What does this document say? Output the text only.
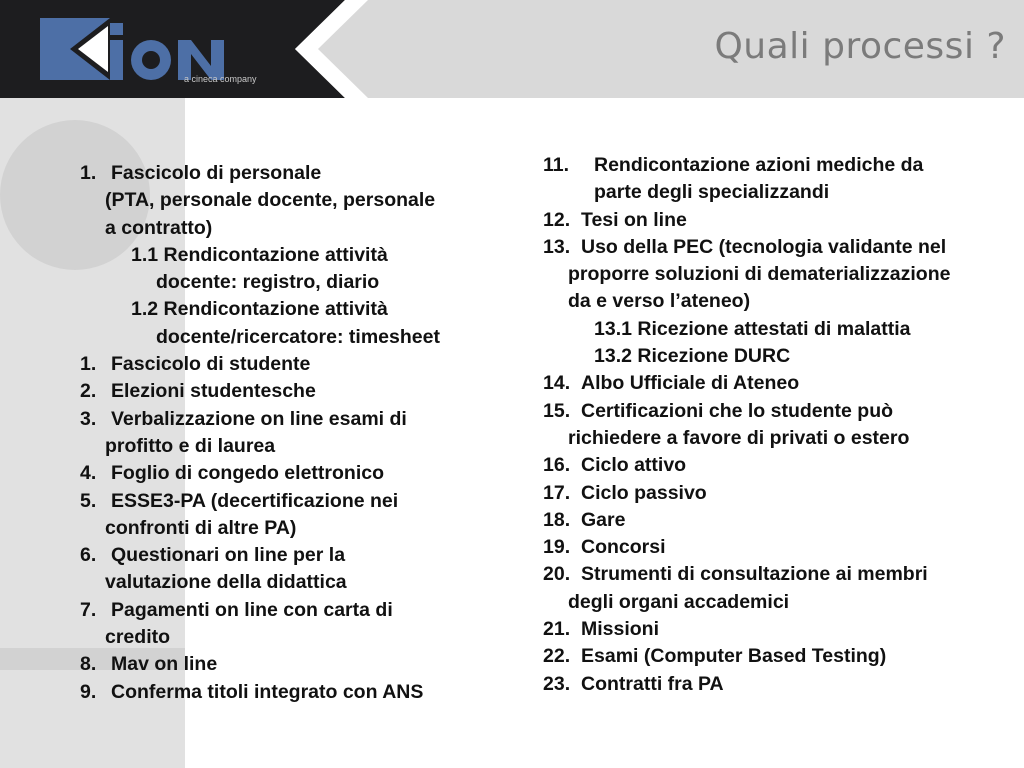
a cineca company
Quali processi ?
1. Fascicolo di personale
(PTA, personale docente, personale
a contratto)
1.1 Rendicontazione attività
docente: registro, diario
1.2 Rendicontazione attività
docente/ricercatore: timesheet
1. Fascicolo di studente
2. Elezioni studentesche
3. Verbalizzazione on line esami di
profitto e di laurea
4. Foglio di congedo elettronico
5. ESSE3-PA (decertificazione nei
confronti di altre PA)
6. Questionari on line per la
valutazione della didattica
7. Pagamenti on line con carta di
credito
8. Mav on line
9. Conferma titoli integrato con ANS
11. Rendicontazione azioni mediche da
parte degli specializzandi
12. Tesi on line
13. Uso della PEC (tecnologia validante nel
proporre soluzioni di dematerializzazione
da e verso l’ateneo)
13.1 Ricezione attestati di malattia
13.2 Ricezione DURC
14. Albo Ufficiale di Ateneo
15. Certificazioni che lo studente può
richiedere a favore di privati o estero
16. Ciclo attivo
17. Ciclo passivo
18. Gare
19. Concorsi
20. Strumenti di consultazione ai membri
degli organi accademici
21. Missioni
22. Esami (Computer Based Testing)
23. Contratti fra PA
